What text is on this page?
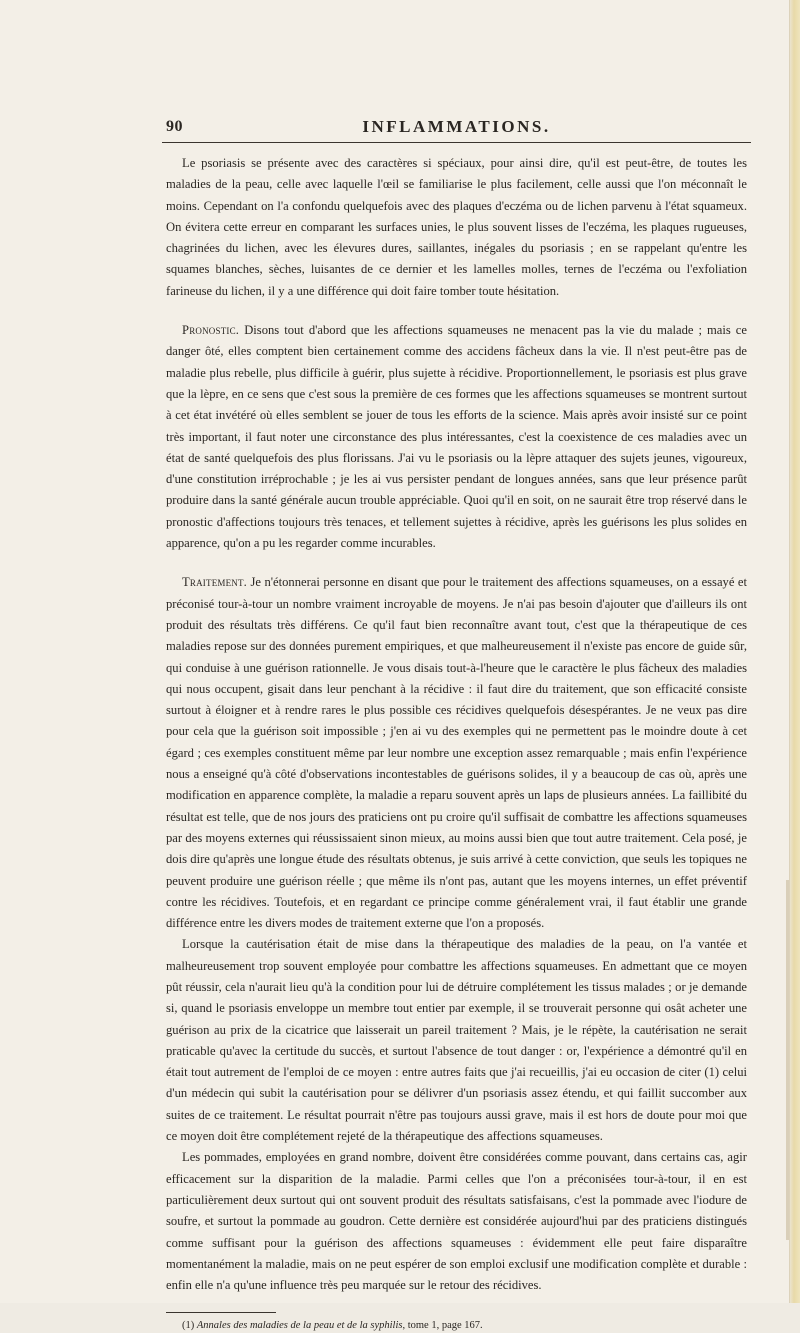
90	INFLAMMATIONS.

Le psoriasis se présente avec des caractères si spéciaux, pour ainsi dire, qu'il est peut-être, de toutes les maladies de la peau, celle avec laquelle l'œil se familiarise le plus facilement, celle aussi que l'on méconnaît le moins. Cependant on l'a confondu quelquefois avec des plaques d'eczéma ou de lichen parvenu à l'état squameux. On évitera cette erreur en comparant les surfaces unies, le plus souvent lisses de l'eczéma, les plaques rugueuses, chagrinées du lichen, avec les élevures dures, saillantes, inégales du psoriasis ; en se rappelant qu'entre les squames blanches, sèches, luisantes de ce dernier et les lamelles molles, ternes de l'eczéma ou l'exfoliation farineuse du lichen, il y a une différence qui doit faire tomber toute hésitation.

Pronostic. Disons tout d'abord que les affections squameuses ne menacent pas la vie du malade ; mais ce danger ôté, elles comptent bien certainement comme des accidens fâcheux dans la vie. Il n'est peut-être pas de maladie plus rebelle, plus difficile à guérir, plus sujette à récidive. Proportionnellement, le psoriasis est plus grave que la lèpre, en ce sens que c'est sous la première de ces formes que les affections squameuses se montrent surtout à cet état invétéré où elles semblent se jouer de tous les efforts de la science. Mais après avoir insisté sur ce point très important, il faut noter une circonstance des plus intéressantes, c'est la coexistence de ces maladies avec un état de santé quelquefois des plus florissans. J'ai vu le psoriasis ou la lèpre attaquer des sujets jeunes, vigoureux, d'une constitution irréprochable ; je les ai vus persister pendant de longues années, sans que leur présence parût produire dans la santé générale aucun trouble appréciable. Quoi qu'il en soit, on ne saurait être trop réservé dans le pronostic d'affections toujours très tenaces, et tellement sujettes à récidive, après les guérisons les plus solides en apparence, qu'on a pu les regarder comme incurables.

Traitement. Je n'étonnerai personne en disant que pour le traitement des affections squameuses, on a essayé et préconisé tour-à-tour un nombre vraiment incroyable de moyens. Je n'ai pas besoin d'ajouter que d'ailleurs ils ont produit des résultats très différens. Ce qu'il faut bien reconnaître avant tout, c'est que la thérapeutique de ces maladies repose sur des données purement empiriques, et que malheureusement il n'existe pas encore de guide sûr, qui conduise à une guérison rationnelle. Je vous disais tout-à-l'heure que le caractère le plus fâcheux des maladies qui nous occupent, gisait dans leur penchant à la récidive : il faut dire du traitement, que son efficacité consiste surtout à éloigner et à rendre rares le plus possible ces récidives quelquefois désespérantes. Je ne veux pas dire pour cela que la guérison soit impossible ; j'en ai vu des exemples qui ne permettent pas le moindre doute à cet égard ; ces exemples constituent même par leur nombre une exception assez remarquable ; mais enfin l'expérience nous a enseigné qu'à côté d'observations incontestables de guérisons solides, il y a beaucoup de cas où, après une modification en apparence complète, la maladie a reparu souvent après un laps de plusieurs années. La faillibité du résultat est telle, que de nos jours des praticiens ont pu croire qu'il suffisait de combattre les affections squameuses par des moyens externes qui réussissaient sinon mieux, au moins aussi bien que tout autre traitement. Cela posé, je dois dire qu'après une longue étude des résultats obtenus, je suis arrivé à cette conviction, que seuls les topiques ne peuvent produire une guérison réelle ; que même ils n'ont pas, autant que les moyens internes, un effet préventif contre les récidives. Toutefois, et en regardant ce principe comme généralement vrai, il faut établir une grande différence entre les divers modes de traitement externe que l'on a proposés.

Lorsque la cautérisation était de mise dans la thérapeutique des maladies de la peau, on l'a vantée et malheureusement trop souvent employée pour combattre les affections squameuses. En admettant que ce moyen pût réussir, cela n'aurait lieu qu'à la condition pour lui de détruire complétement les tissus malades ; or je demande si, quand le psoriasis enveloppe un membre tout entier par exemple, il se trouverait personne qui osât acheter une guérison au prix de la cicatrice que laisserait un pareil traitement ? Mais, je le répète, la cautérisation ne serait praticable qu'avec la certitude du succès, et surtout l'absence de tout danger : or, l'expérience a démontré qu'il en était tout autrement de l'emploi de ce moyen : entre autres faits que j'ai recueillis, j'ai eu occasion de citer (1) celui d'un médecin qui subit la cautérisation pour se délivrer d'un psoriasis assez étendu, et qui faillit succomber aux suites de ce traitement. Le résultat pourrait n'être pas toujours aussi grave, mais il est hors de doute pour moi que ce moyen doit être complétement rejeté de la thérapeutique des affections squameuses.

Les pommades, employées en grand nombre, doivent être considérées comme pouvant, dans certains cas, agir efficacement sur la disparition de la maladie. Parmi celles que l'on a préconisées tour-à-tour, il en est particulièrement deux surtout qui ont souvent produit des résultats satisfaisans, c'est la pommade avec l'iodure de soufre, et surtout la pommade au goudron. Cette dernière est considérée aujourd'hui par des praticiens distingués comme suffisant pour la guérison des affections squameuses : évidemment elle peut faire disparaître momentanément la maladie, mais on ne peut espérer de son emploi exclusif une modification complète et durable : enfin elle n'a qu'une influence très peu marquée sur le retour des récidives.

(1) Annales des maladies de la peau et de la syphilis, tome 1, page 167.
